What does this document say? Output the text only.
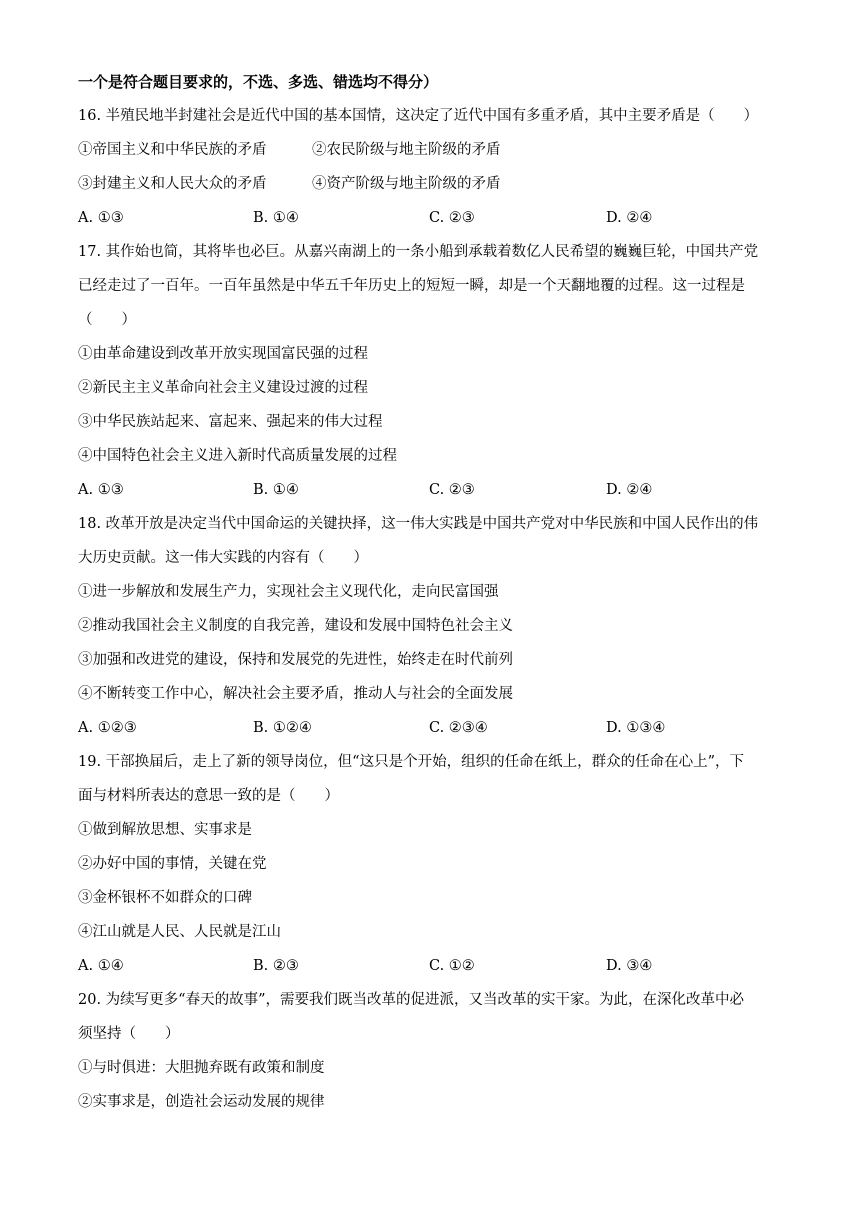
一个是符合题目要求的，不选、多选、错选均不得分）
16. 半殖民地半封建社会是近代中国的基本国情，这决定了近代中国有多重矛盾，其中主要矛盾是（　　）
①帝国主义和中华民族的矛盾	②农民阶级与地主阶级的矛盾
③封建主义和人民大众的矛盾	④资产阶级与地主阶级的矛盾
A. ①③	B. ①④	C. ②③	D. ②④
17. 其作始也简，其将毕也必巨。从嘉兴南湖上的一条小船到承载着数亿人民希望的巍巍巨轮，中国共产党
已经走过了一百年。一百年虽然是中华五千年历史上的短短一瞬，却是一个天翻地覆的过程。这一过程是
（　　）
①由革命建设到改革开放实现国富民强的过程
②新民主主义革命向社会主义建设过渡的过程
③中华民族站起来、富起来、强起来的伟大过程
④中国特色社会主义进入新时代高质量发展的过程
A. ①③	B. ①④	C. ②③	D. ②④
18. 改革开放是决定当代中国命运的关键抉择，这一伟大实践是中国共产党对中华民族和中国人民作出的伟
大历史贡献。这一伟大实践的内容有（　　）
①进一步解放和发展生产力，实现社会主义现代化，走向民富国强
②推动我国社会主义制度的自我完善，建设和发展中国特色社会主义
③加强和改进党的建设，保持和发展党的先进性，始终走在时代前列
④不断转变工作中心，解决社会主要矛盾，推动人与社会的全面发展
A. ①②③	B. ①②④	C. ②③④	D. ①③④
19. 干部换届后，走上了新的领导岗位，但“这只是个开始，组织的任命在纸上，群众的任命在心上”，下
面与材料所表达的意思一致的是（　　）
①做到解放思想、实事求是
②办好中国的事情，关键在党
③金杯银杯不如群众的口碑
④江山就是人民、人民就是江山
A. ①④	B. ②③	C. ①②	D. ③④
20. 为续写更多“春天的故事”，需要我们既当改革的促进派，又当改革的实干家。为此，在深化改革中必
须坚持（　　）
①与时俱进：大胆抛弃既有政策和制度
②实事求是，创造社会运动发展的规律
